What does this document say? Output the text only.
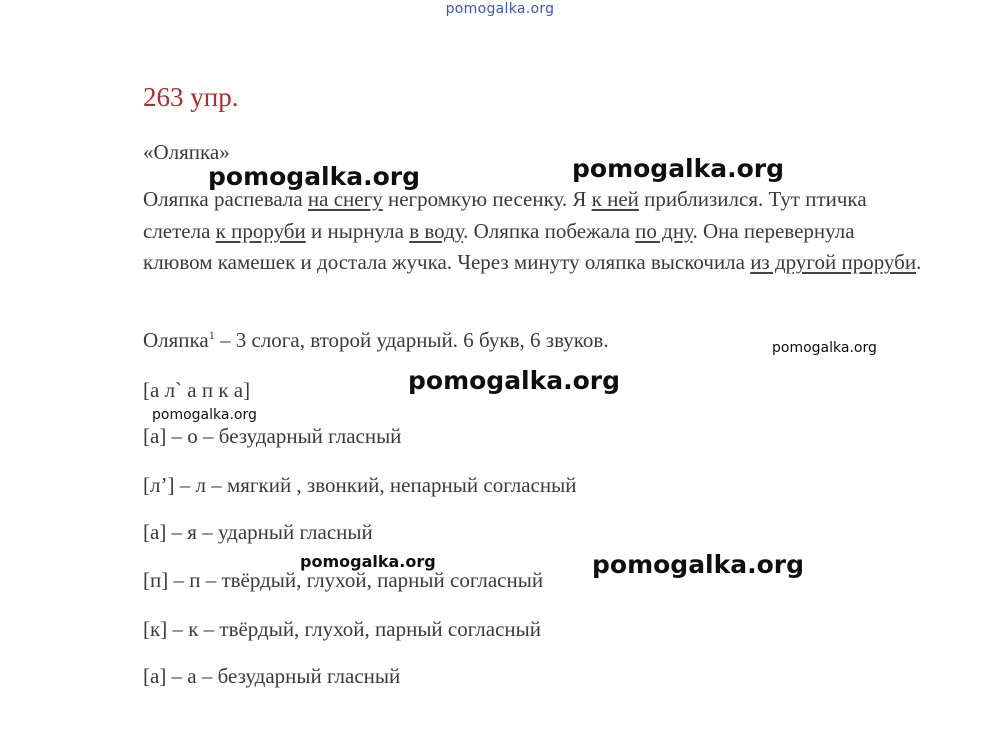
pomogalka.org
263 упр.
«Оляпка»
Оляпка распевала на снегу негромкую песенку. Я к ней приблизился. Тут птичка слетела к проруби и нырнула в воду. Оляпка побежала по дну. Она перевернула клювом камешек и достала жучка. Через минуту оляпка выскочила из другой проруби.
Оляпка$^1$ – 3 слога, второй ударный. 6 букв, 6 звуков.
[а л` а п к а]
[а] – о – безударный гласный
[л’] – л – мягкий , звонкий, непарный согласный
[а] – я – ударный гласный
[п] – п – твёрдый, глухой, парный согласный
[к] – к – твёрдый, глухой, парный согласный
[а] – а – безударный гласный
pomogalka.org	pomogalka.org
pomogalka.org
pomogalka.org
pomogalka.org
pomogalka.org	pomogalka.org
